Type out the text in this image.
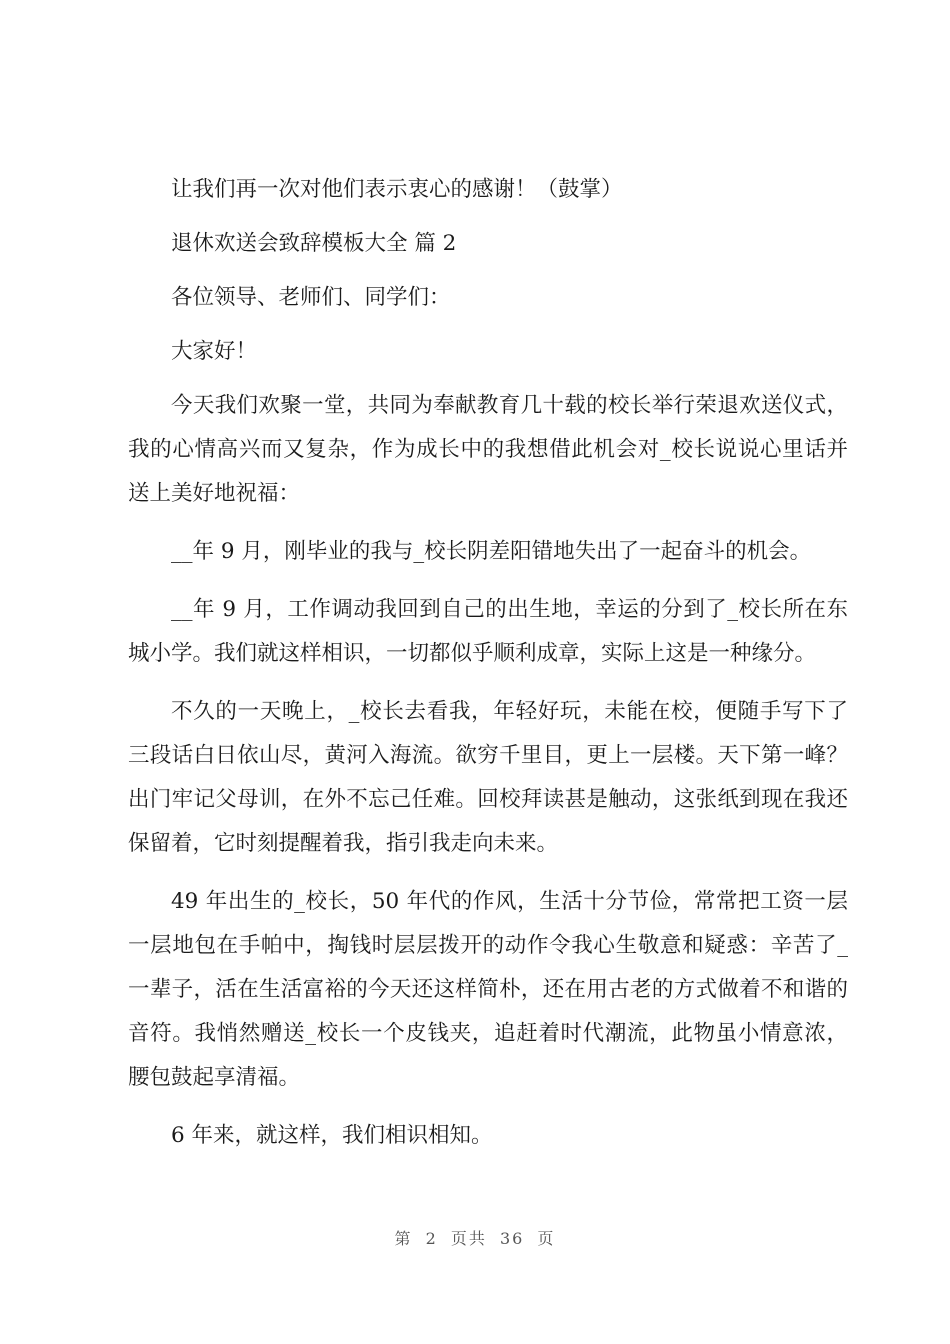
让我们再一次对他们表示衷心的感谢！（鼓掌）

退休欢送会致辞模板大全 篇 2

各位领导、老师们、同学们：

大家好！

今天我们欢聚一堂，共同为奉献教育几十载的校长举行荣退欢送仪式，我的心情高兴而又复杂，作为成长中的我想借此机会对_校长说说心里话并送上美好地祝福：

__年 9 月，刚毕业的我与_校长阴差阳错地失出了一起奋斗的机会。

__年 9 月，工作调动我回到自己的出生地，幸运的分到了_校长所在东城小学。我们就这样相识，一切都似乎顺利成章，实际上这是一种缘分。

不久的一天晚上，_校长去看我，年轻好玩，未能在校，便随手写下了三段话白日依山尽，黄河入海流。欲穷千里目，更上一层楼。天下第一峰？出门牢记父母训，在外不忘己任难。回校拜读甚是触动，这张纸到现在我还保留着，它时刻提醒着我，指引我走向未来。

49 年出生的_校长，50 年代的作风，生活十分节俭，常常把工资一层一层地包在手帕中，掏钱时层层拨开的动作令我心生敬意和疑惑：辛苦了_一辈子，活在生活富裕的今天还这样简朴，还在用古老的方式做着不和谐的音符。我悄然赠送_校长一个皮钱夹，追赶着时代潮流，此物虽小情意浓，腰包鼓起享清福。

6 年来，就这样，我们相识相知。

第 2 页共 36 页
